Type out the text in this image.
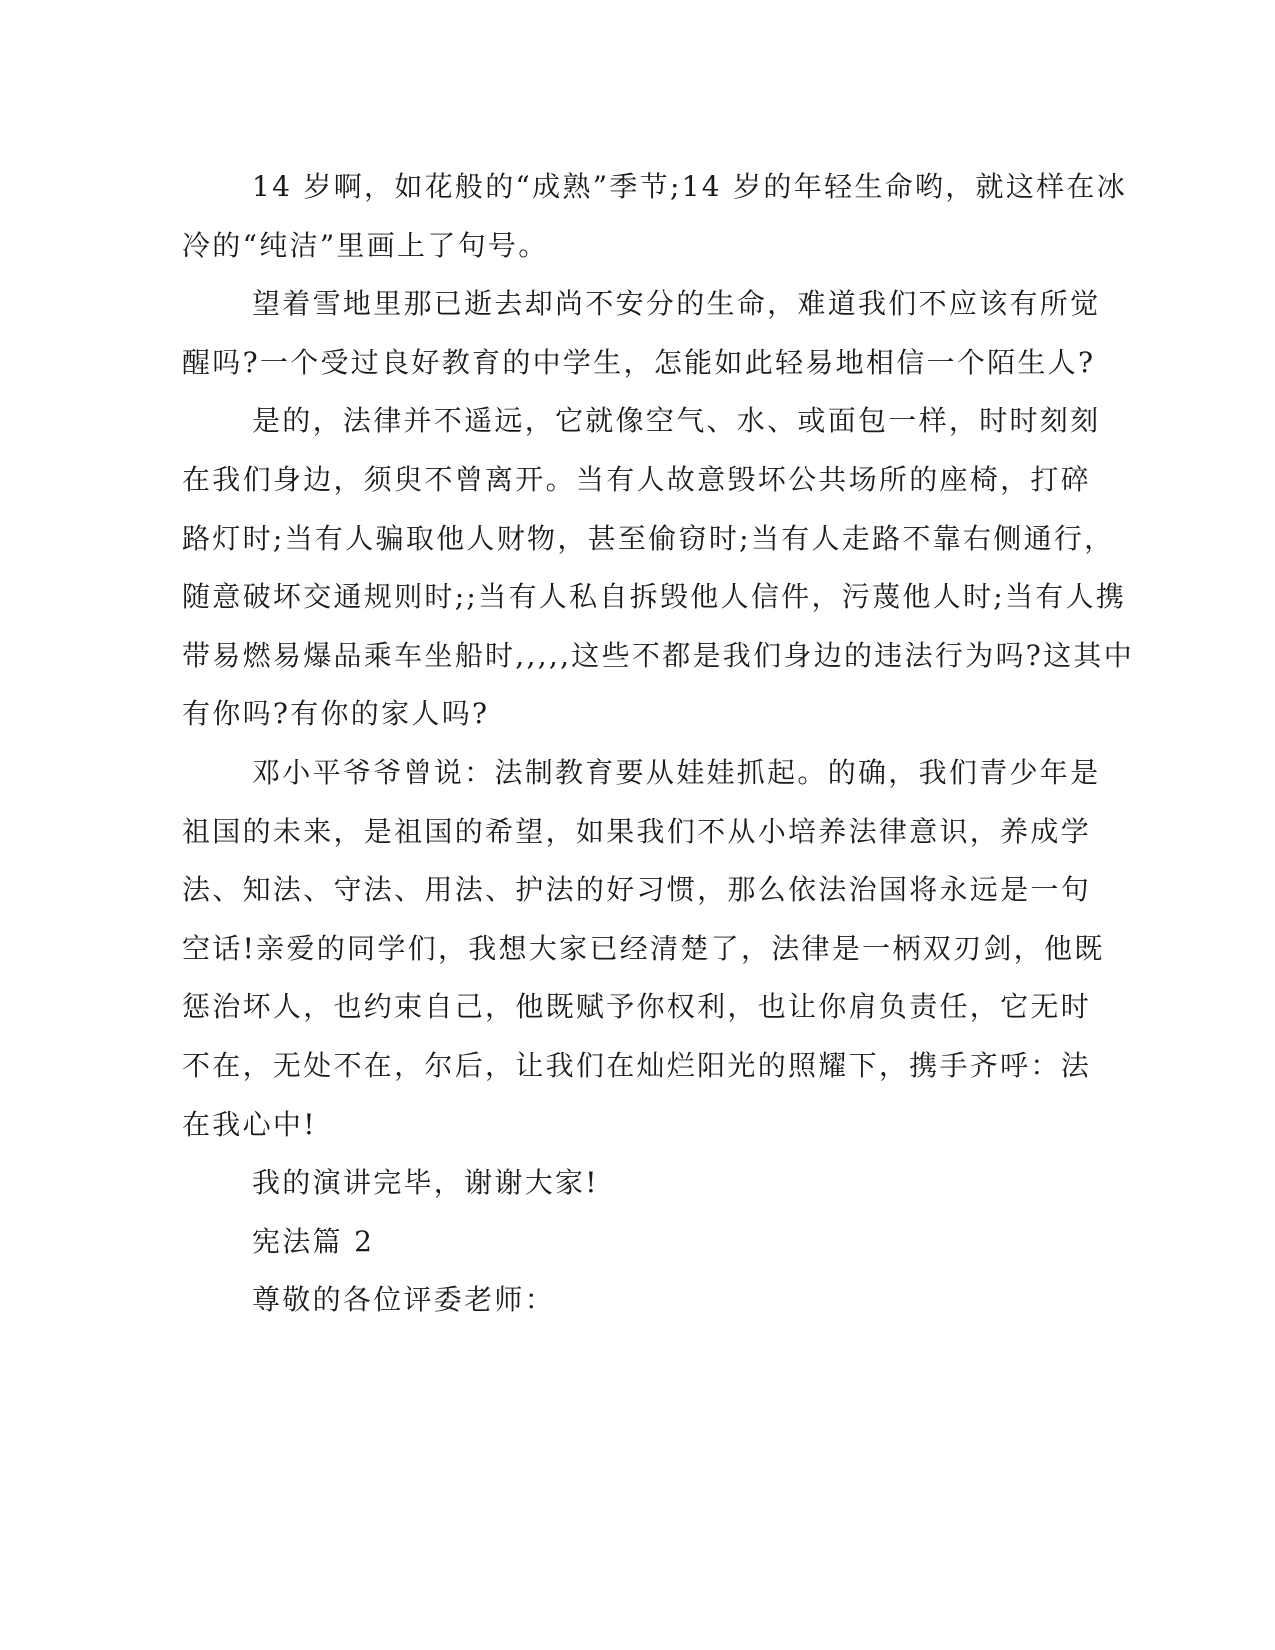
14 岁啊，如花般的“成熟”季节;14 岁的年轻生命哟，就这样在冰
冷的“纯洁”里画上了句号。
望着雪地里那已逝去却尚不安分的生命，难道我们不应该有所觉
醒吗?一个受过良好教育的中学生，怎能如此轻易地相信一个陌生人?
是的，法律并不遥远，它就像空气、水、或面包一样，时时刻刻
在我们身边，须臾不曾离开。当有人故意毁坏公共场所的座椅，打碎
路灯时;当有人骗取他人财物，甚至偷窃时;当有人走路不靠右侧通行，
随意破坏交通规则时;;当有人私自拆毁他人信件，污蔑他人时;当有人携
带易燃易爆品乘车坐船时,,,,,这些不都是我们身边的违法行为吗?这其中
有你吗?有你的家人吗?
邓小平爷爷曾说：法制教育要从娃娃抓起。的确，我们青少年是
祖国的未来，是祖国的希望，如果我们不从小培养法律意识，养成学
法、知法、守法、用法、护法的好习惯，那么依法治国将永远是一句
空话!亲爱的同学们，我想大家已经清楚了，法律是一柄双刃剑，他既
惩治坏人，也约束自己，他既赋予你权利，也让你肩负责任，它无时
不在，无处不在，尔后，让我们在灿烂阳光的照耀下，携手齐呼：法
在我心中!
我的演讲完毕，谢谢大家!
宪法篇 2
尊敬的各位评委老师：
